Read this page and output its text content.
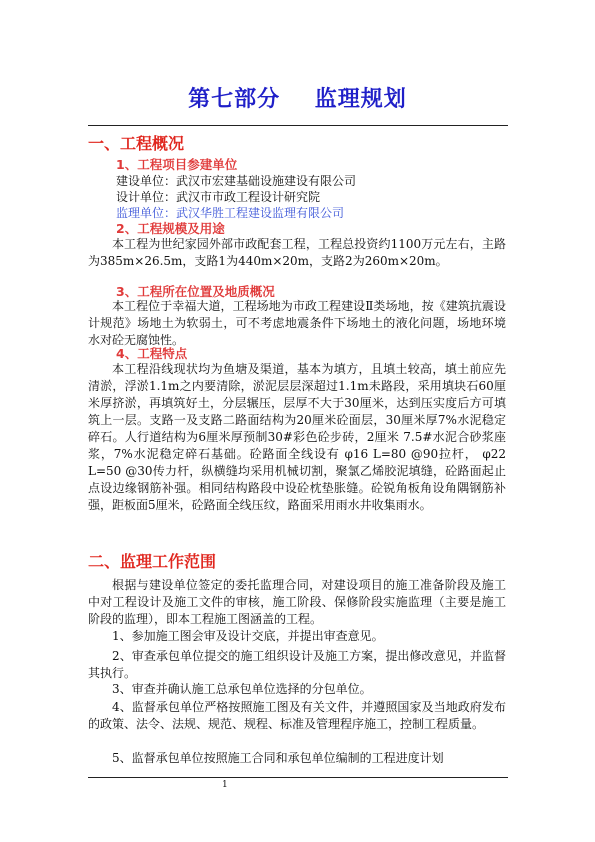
第七部分    监理规划
一、工程概况
1、工程项目参建单位

建设单位：武汉市宏建基础设施建设有限公司

设计单位：武汉市市政工程设计研究院

监理单位：武汉华胜工程建设监理有限公司

2、工程规模及用途

本工程为世纪家园外部市政配套工程，工程总投资约1100万元左右，主路为385m×26.5m，支路1为440m×20m，支路2为260m×20m。

3、工程所在位置及地质概况

本工程位于幸福大道，工程场地为市政工程建设Ⅱ类场地，按《建筑抗震设计规范》场地土为软弱土，可不考虑地震条件下场地土的液化问题，场地环境水对砼无腐蚀性。

4、工程特点

本工程沿线现状均为鱼塘及渠道，基本为填方，且填土较高，填土前应先清淤，浮淤1.1m之内要清除，淤泥层层深超过1.1m未路段，采用填块石60厘米厚挤淤，再填筑好土，分层辗压，层厚不大于30厘米，达到压实度后方可填筑上一层。支路一及支路二路面结构为20厘米砼面层，30厘米厚7%水泥稳定碎石。人行道结构为6厘米厚预制30#彩色砼步砖，2厘米 7.5#水泥合砂浆座浆，7%水泥稳定碎石基础。砼路面全线设有 φ16 L=80 @90拉杆， φ22 L=50 @30传力杆，纵横缝均采用机械切割，聚氯乙烯胶泥填缝，砼路面起止点设边缘钢筋补强。相同结构路段中设砼枕垫胀缝。砼锐角板角设角隅钢筋补强，距板面5厘米，砼路面全线压纹，路面采用雨水井收集雨水。

二、监理工作范围

根据与建设单位签定的委托监理合同，对建设项目的施工准备阶段及施工中对工程设计及施工文件的审核，施工阶段、保修阶段实施监理（主要是施工阶段的监理），即本工程施工图涵盖的工程。

1、参加施工图会审及设计交底，并提出审查意见。

2、审查承包单位提交的施工组织设计及施工方案，提出修改意见，并监督其执行。

3、审查并确认施工总承包单位选择的分包单位。

4、监督承包单位严格按照施工图及有关文件，并遵照国家及当地政府发布的政策、法令、法规、规范、规程、标准及管理程序施工，控制工程质量。

5、监督承包单位按照施工合同和承包单位编制的工程进度计划

1
